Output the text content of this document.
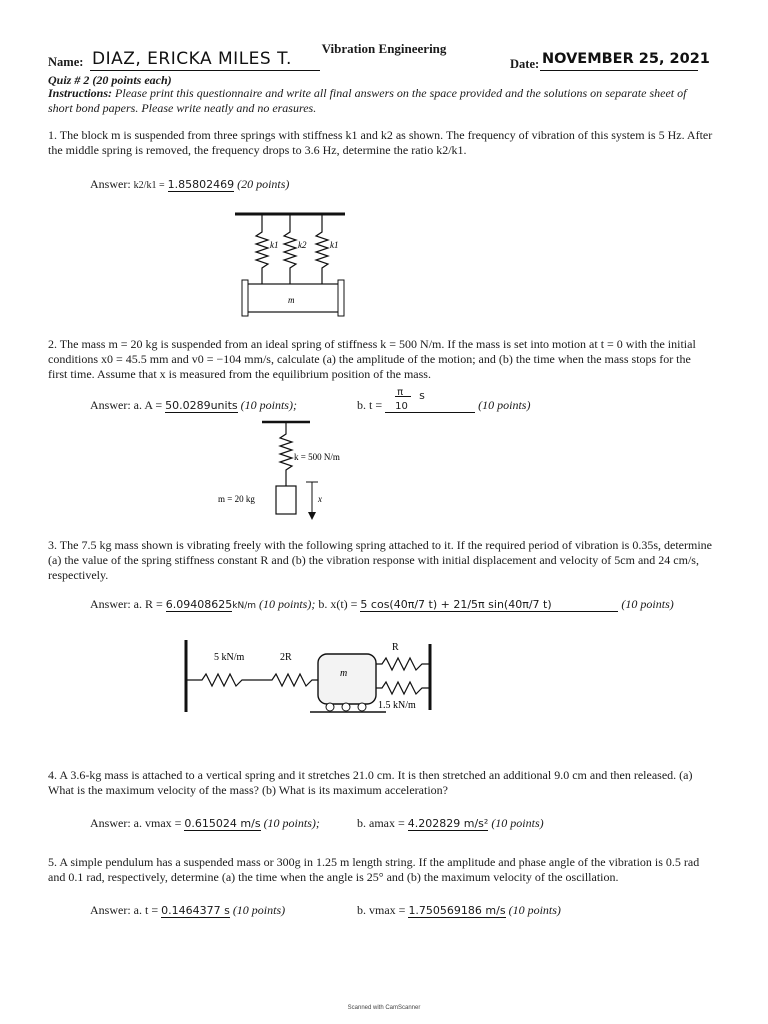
Vibration Engineering
Name: DIAZ, ERICKA MILES T.	Date: NOVEMBER 25, 2021
Quiz # 2 (20 points each)
Instructions: Please print this questionnaire and write all final answers on the space provided and the solutions on separate sheet of short bond papers. Please write neatly and no erasures.
1. The block m is suspended from three springs with stiffness k1 and k2 as shown. The frequency of vibration of this system is 5 Hz. After the middle spring is removed, the frequency drops to 3.6 Hz, determine the ratio k2/k1.
Answer: k2/k1 = 1.85802469 (20 points)
k1 k2	k1
m
2. The mass m = 20 kg is suspended from an ideal spring of stiffness k = 500 N/m. If the mass is set into motion at t = 0 with the initial conditions x0 = 45.5 mm and v0 = −104 mm/s, calculate (a) the amplitude of the motion; and (b) the time when the mass stops for the first time. Assume that x is measured from the equilibrium position of the mass.
Answer: a. A = 50.0289units (10 points);	b. t =
π
10
s
(10 points)
k = 500 N/m
m = 20 kg	x
3. The 7.5 kg mass shown is vibrating freely with the following spring attached to it. If the required period of vibration is 0.35s, determine (a) the value of the spring stiffness constant R and (b) the vibration response with initial displacement and velocity of 5cm and 24 cm/s, respectively.
Answer: a. R = 6.09408625kN/m (10 points); b. x(t) = 5 cos(40π/7 t) + 21/5π sin(40π/7 t)	(10 points)
5 kN/m	2R
m
R
1.5 kN/m
4. A 3.6-kg mass is attached to a vertical spring and it stretches 21.0 cm. It is then stretched an additional 9.0 cm and then released. (a) What is the maximum velocity of the mass? (b) What is its maximum acceleration?
Answer: a. vmax = 0.615024 m/s (10 points);	b. amax = 4.202829 m/s² (10 points)
5. A simple pendulum has a suspended mass or 300g in 1.25 m length string. If the amplitude and phase angle of the vibration is 0.5 rad and 0.1 rad, respectively, determine (a) the time when the angle is 25° and (b) the maximum velocity of the oscillation.
Answer: a. t = 0.1464377 s (10 points)	b. vmax = 1.750569186 m/s (10 points)
Scanned with CamScanner
